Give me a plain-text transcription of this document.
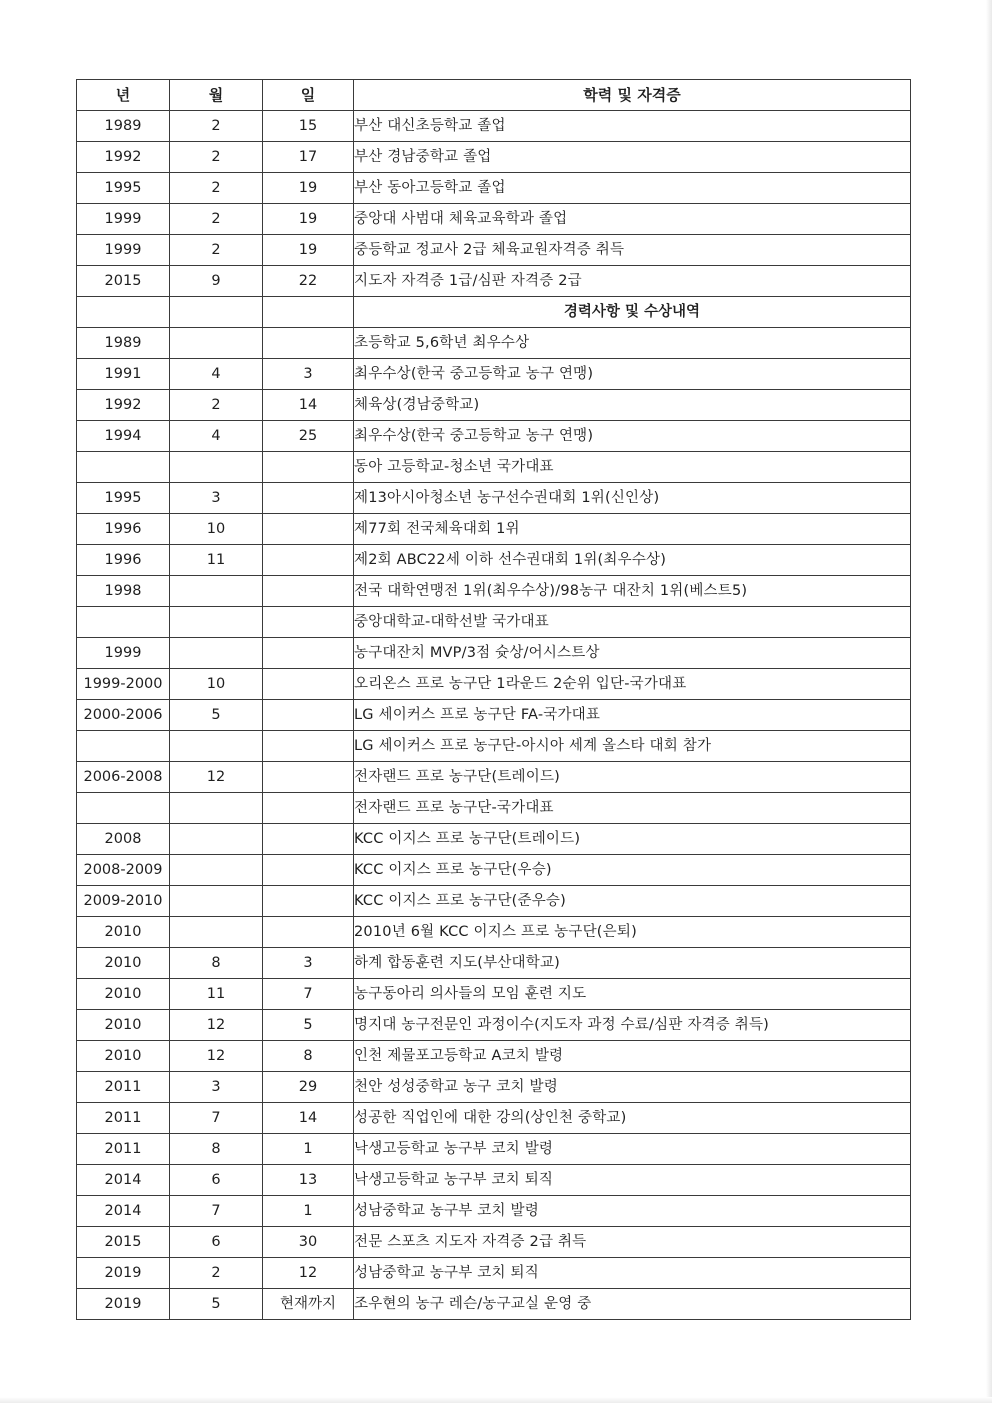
년	월	일	학력 및 자격증
1989	2	15	부산 대신초등학교 졸업
1992	2	17	부산 경남중학교 졸업
1995	2	19	부산 동아고등학교 졸업
1999	2	19	중앙대 사범대 체육교육학과 졸업
1999	2	19	중등학교 정교사 2급 체육교원자격증 취득
2015	9	22	지도자 자격증 1급/심판 자격증 2급
			경력사항 및 수상내역
1989			초등학교 5,6학년 최우수상
1991	4	3	최우수상(한국 중고등학교 농구 연맹)
1992	2	14	체육상(경남중학교)
1994	4	25	최우수상(한국 중고등학교 농구 연맹)
			동아 고등학교-청소년 국가대표
1995	3		제13아시아청소년 농구선수권대회 1위(신인상)
1996	10		제77회 전국체육대회 1위
1996	11		제2회 ABC22세 이하 선수권대회 1위(최우수상)
1998			전국 대학연맹전 1위(최우수상)/98농구 대잔치 1위(베스트5)
			중앙대학교-대학선발 국가대표
1999			농구대잔치 MVP/3점 슛상/어시스트상
1999-2000	10		오리온스 프로 농구단 1라운드 2순위 입단-국가대표
2000-2006	5		LG 세이커스 프로 농구단 FA-국가대표
			LG 세이커스 프로 농구단-아시아 세계 올스타 대회 참가
2006-2008	12		전자랜드 프로 농구단(트레이드)
			전자랜드 프로 농구단-국가대표
2008			KCC 이지스 프로 농구단(트레이드)
2008-2009			KCC 이지스 프로 농구단(우승)
2009-2010			KCC 이지스 프로 농구단(준우승)
2010			2010년 6월 KCC 이지스 프로 농구단(은퇴)
2010	8	3	하계 합동훈련 지도(부산대학교)
2010	11	7	농구동아리 의사들의 모임 훈련 지도
2010	12	5	명지대 농구전문인 과정이수(지도자 과정 수료/심판 자격증 취득)
2010	12	8	인천 제물포고등학교 A코치 발령
2011	3	29	천안 성성중학교 농구 코치 발령
2011	7	14	성공한 직업인에 대한 강의(상인천 중학교)
2011	8	1	낙생고등학교 농구부 코치 발령
2014	6	13	낙생고등학교 농구부 코치 퇴직
2014	7	1	성남중학교 농구부 코치 발령
2015	6	30	전문 스포츠 지도자 자격증 2급 취득
2019	2	12	성남중학교 농구부 코치 퇴직
2019	5	현재까지	조우현의 농구 레슨/농구교실 운영 중
